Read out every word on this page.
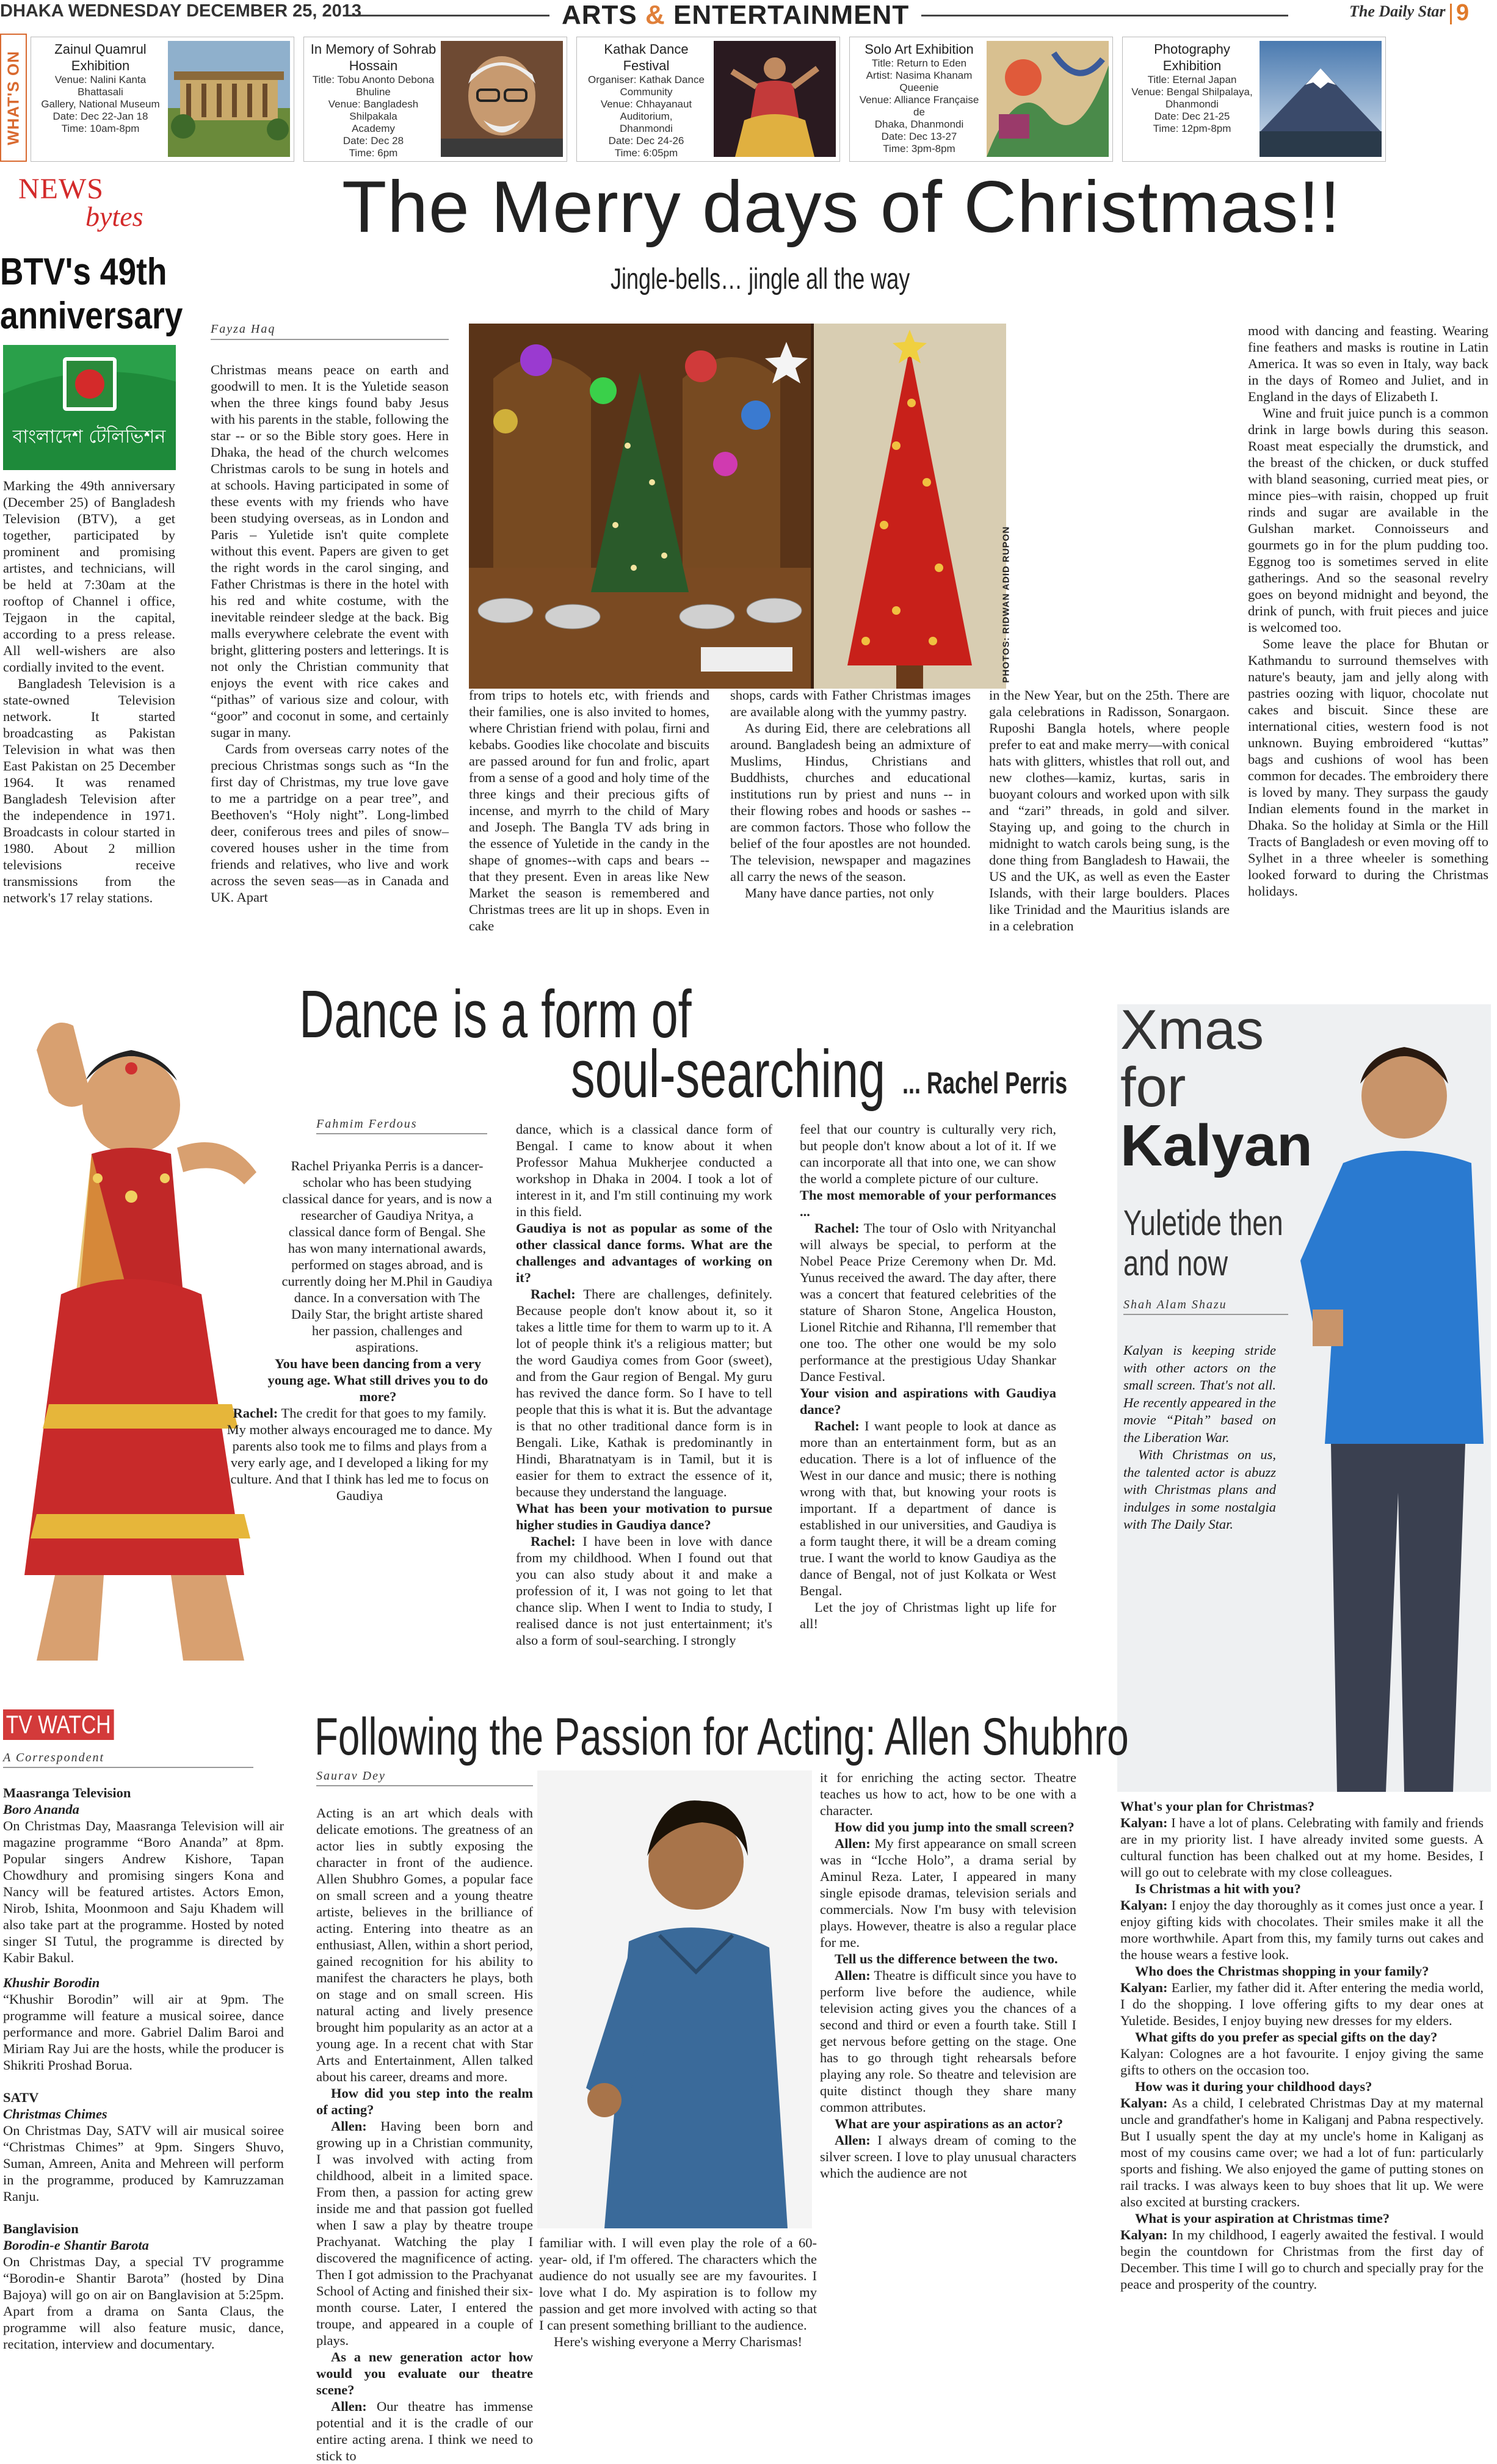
DHAKA WEDNESDAY DECEMBER 25, 2013	ARTS & ENTERTAINMENT	The Daily Star 9
WHAT'S ON
Zainul Quamrul Exhibition
Venue: Nalini Kanta Bhattasali
Gallery, National Museum
Date: Dec 22-Jan 18
Time: 10am-8pm
In Memory of Sohrab Hossain
Title: Tobu Anonto Debona Bhuline
Venue: Bangladesh Shilpakala
Academy
Date: Dec 28
Time: 6pm
Kathak Dance Festival
Organiser: Kathak Dance
Community
Venue: Chhayanaut Auditorium,
Dhanmondi
Date: Dec 24-26
Time: 6:05pm
Solo Art Exhibition
Title: Return to Eden
Artist: Nasima Khanam Queenie
Venue: Alliance Française de
Dhaka, Dhanmondi
Date: Dec 13-27
Time: 3pm-8pm
Photography Exhibition
Title: Eternal Japan
Venue: Bengal Shilpalaya,
Dhanmondi
Date: Dec 21-25
Time: 12pm-8pm
NEWS
bytes
BTV's 49th anniversary
বাংলাদেশ টেলিভিশন

Marking the 49th anniversary (December 25) of Bangladesh Television (BTV), a get together, participated by prominent and promising artistes, and technicians, will be held at 7:30am at the rooftop of Channel i office, Tejgaon in the capital, according to a press release. All well-wishers are also cordially invited to the event.

Bangladesh Television is a state-owned Television network. It started broadcasting as Pakistan Television in what was then East Pakistan on 25 December 1964. It was renamed Bangladesh Television after the independence in 1971. Broadcasts in colour started in 1980. About 2 million televisions receive transmissions from the network's 17 relay stations.

The Merry days of Christmas!!
Jingle-bells… jingle all the way
Fayza Haq

Christmas means peace on earth and goodwill to men. It is the Yuletide season when the three kings found baby Jesus with his parents in the stable, following the star -- or so the Bible story goes. Here in Dhaka, the head of the church welcomes Christmas carols to be sung in hotels and at schools. Having participated in some of these events with my friends who have been studying overseas, as in London and Paris – Yuletide isn't quite complete without this event. Papers are given to get the right words in the carol singing, and Father Christmas is there in the hotel with his red and white costume, with the inevitable reindeer sledge at the back. Big malls everywhere celebrate the event with bright, glittering posters and letterings. It is not only the Christian community that enjoys the event with rice cakes and “pithas” of various size and colour, with “goor” and coconut in some, and certainly sugar in many.

Cards from overseas carry notes of the precious Christmas songs such as “In the first day of Christmas, my true love gave to me a partridge on a pear tree”, and Beethoven's “Holy night”. Long-limbed deer, coniferous trees and piles of snow–covered houses usher in the time from friends and relatives, who live and work across the seven seas—as in Canada and UK. Apart

PHOTOS: RIDWAN ADID RUPON

from trips to hotels etc, with friends and their families, one is also invited to homes, where Christian friend with polau, firni and kebabs. Goodies like chocolate and biscuits are passed around for fun and frolic, apart from a sense of a good and holy time of the three kings and their precious gifts of incense, and myrrh to the child of Mary and Joseph. The Bangla TV ads bring in the essence of Yuletide in the candy in the shape of gnomes--with caps and bears -- that they present. Even in areas like New Market the season is remembered and Christmas trees are lit up in shops. Even in cake

shops, cards with Father Christmas images are available along with the yummy pastry.

As during Eid, there are celebrations all around. Bangladesh being an admixture of Muslims, Hindus, Christians and Buddhists, churches and educational institutions run by priest and nuns -- in their flowing robes and hoods or sashes -- are common factors. Those who follow the belief of the four apostles are not hounded. The television, newspaper and magazines all carry the news of the season.

Many have dance parties, not only

in the New Year, but on the 25th. There are gala celebrations in Radisson, Sonargaon. Ruposhi Bangla hotels, where people prefer to eat and make merry—with conical hats with glitters, whistles that roll out, and new clothes—kamiz, kurtas, saris in buoyant colours and worked upon with silk and “zari” threads, in gold and silver. Staying up, and going to the church in midnight to watch carols being sung, is the done thing from Bangladesh to Hawaii, the US and the UK, as well as even the Easter Islands, with their large boulders. Places like Trinidad and the Mauritius islands are in a celebration

mood with dancing and feasting. Wearing fine feathers and masks is routine in Latin America. It was so even in Italy, way back in the days of Romeo and Juliet, and in England in the days of Elizabeth I.

Wine and fruit juice punch is a common drink in large bowls during this season. Roast meat especially the drumstick, and the breast of the chicken, or duck stuffed with bland seasoning, curried meat pies, or mince pies–with raisin, chopped up fruit rinds and sugar are available in the Gulshan market. Connoisseurs and gourmets go in for the plum pudding too. Eggnog too is sometimes served in elite gatherings. And so the seasonal revelry goes on beyond midnight and beyond, the drink of punch, with fruit pieces and juice is welcomed too.

Some leave the place for Bhutan or Kathmandu to surround themselves with nature's beauty, jam and jelly along with pastries oozing with liquor, chocolate nut cakes and biscuit. Since these are international cities, western food is not unknown. Buying embroidered “kuttas” bags and cushions of wool has been common for decades. The embroidery there is loved by many. They surpass the gaudy Indian elements found in the market in Dhaka. So the holiday at Simla or the Hill Tracts of Bangladesh or even moving off to Sylhet in a three wheeler is something looked forward to during the Christmas holidays.

Dance is a form of
soul-searching ... Rachel Perris
Fahmim Ferdous

Rachel Priyanka Perris is a dancer-scholar who has been studying classical dance for years, and is now a researcher of Gaudiya Nritya, a classical dance form of Bengal. She has won many international awards, performed on stages abroad, and is currently doing her M.Phil in Gaudiya dance. In a conversation with The Daily Star, the bright artiste shared her passion, challenges and aspirations.

You have been dancing from a very young age. What still drives you to do more?

Rachel: The credit for that goes to my family. My mother always encouraged me to dance. My parents also took me to films and plays from a very early age, and I developed a liking for my culture. And that I think has led me to focus on Gaudiya

dance, which is a classical dance form of Bengal. I came to know about it when Professor Mahua Mukherjee conducted a workshop in Dhaka in 2004. I took a lot of interest in it, and I'm still continuing my work in this field.

Gaudiya is not as popular as some of the other classical dance forms. What are the challenges and advantages of working on it?

Rachel: There are challenges, definitely. Because people don't know about it, so it takes a little time for them to warm up to it. A lot of people think it's a religious matter; but the word Gaudiya comes from Goor (sweet), and from the Gaur region of Bengal. My guru has revived the dance form. So I have to tell people that this is what it is. But the advantage is that no other traditional dance form is in Bengali. Like, Kathak is predominantly in Hindi, Bharatnatyam is in Tamil, but it is easier for them to extract the essence of it, because they understand the language.

What has been your motivation to pursue higher studies in Gaudiya dance?

Rachel: I have been in love with dance from my childhood. When I found out that you can also study about it and make a profession of it, I was not going to let that chance slip. When I went to India to study, I realised dance is not just entertainment; it's also a form of soul-searching. I strongly

feel that our country is culturally very rich, but people don't know about a lot of it. If we can incorporate all that into one, we can show the world a complete picture of our culture.

The most memorable of your performances ...

Rachel: The tour of Oslo with Nrityanchal will always be special, to perform at the Nobel Peace Prize Ceremony when Dr. Md. Yunus received the award. The day after, there was a concert that featured celebrities of the stature of Sharon Stone, Angelica Houston, Lionel Ritchie and Rihanna, I'll remember that one too. The other one would be my solo performance at the prestigious Uday Shankar Dance Festival.

Your vision and aspirations with Gaudiya dance?

Rachel: I want people to look at dance as more than an entertainment form, but as an education. There is a lot of influence of the West in our dance and music; there is nothing wrong with that, but knowing your roots is important. If a department of dance is established in our universities, and Gaudiya is a form taught there, it will be a dream coming true. I want the world to know Gaudiya as the dance of Bengal, not of just Kolkata or West Bengal.

Let the joy of Christmas light up life for all!

Xmas
for
Kalyan
Yuletide then
and now
Shah Alam Shazu

Kalyan is keeping stride with other actors on the small screen. That's not all. He recently appeared in the movie “Pitah” based on the Liberation War.

With Christmas on us, the talented actor is abuzz with Christmas plans and indulges in some nostalgia with The Daily Star.

What's your plan for Christmas?

Kalyan: I have a lot of plans. Celebrating with family and friends are in my priority list. I have already invited some guests. A cultural function has been chalked out at my home. Besides, I will go out to celebrate with my close colleagues.

Is Christmas a hit with you?

Kalyan: I enjoy the day thoroughly as it comes just once a year. I enjoy gifting kids with chocolates. Their smiles make it all the more worthwhile. Apart from this, my family turns out cakes and the house wears a festive look.

Who does the Christmas shopping in your family?

Kalyan: Earlier, my father did it. After entering the media world, I do the shopping. I love offering gifts to my dear ones at Yuletide. Besides, I enjoy buying new dresses for my elders.

What gifts do you prefer as special gifts on the day?

Kalyan: Colognes are a hot favourite. I enjoy giving the same gifts to others on the occasion too.

How was it during your childhood days?

Kalyan: As a child, I celebrated Christmas Day at my maternal uncle and grandfather's home in Kaliganj and Pabna respectively. But I usually spent the day at my uncle's home in Kaliganj as most of my cousins came over; we had a lot of fun: particularly sports and fishing. We also enjoyed the game of putting stones on rail tracks. I was always keen to buy shoes that lit up. We were also excited at bursting crackers.

What is your aspiration at Christmas time?

Kalyan: In my childhood, I eagerly awaited the festival. I would begin the countdown for Christmas from the first day of December. This time I will go to church and specially pray for the peace and prosperity of the country.

TV WATCH
A Correspondent

Maasranga Television

Boro Ananda

On Christmas Day, Maasranga Television will air magazine programme “Boro Ananda” at 8pm. Popular singers Andrew Kishore, Tapan Chowdhury and promising singers Kona and Nancy will be featured artistes. Actors Emon, Nirob, Ishita, Moonmoon and Saju Khadem will also take part at the programme. Hosted by noted singer SI Tutul, the programme is directed by Kabir Bakul.

Khushir Borodin

“Khushir Borodin” will air at 9pm. The programme will feature a musical soiree, dance performance and more. Gabriel Dalim Baroi and Miriam Ray Jui are the hosts, while the producer is Shikriti Proshad Borua.

SATV

Christmas Chimes

On Christmas Day, SATV will air musical soiree “Christmas Chimes” at 9pm. Singers Shuvo, Suman, Amreen, Anita and Mehreen will perform in the programme, produced by Kamruzzaman Ranju.

Banglavision

Borodin-e Shantir Barota

On Christmas Day, a special TV programme “Borodin-e Shantir Barota” (hosted by Dina Bajoya) will go on air on Banglavision at 5:25pm. Apart from a drama on Santa Claus, the programme will also feature music, dance, recitation, interview and documentary.

Following the Passion for Acting: Allen Shubhro
Saurav Dey

Acting is an art which deals with delicate emotions. The greatness of an actor lies in subtly exposing the character in front of the audience. Allen Shubhro Gomes, a popular face on small screen and a young theatre artiste, believes in the brilliance of acting. Entering into theatre as an enthusiast, Allen, within a short period, gained recognition for his ability to manifest the characters he plays, both on stage and on small screen. His natural acting and lively presence brought him popularity as an actor at a young age. In a recent chat with Star Arts and Entertainment, Allen talked about his career, dreams and more.

How did you step into the realm of acting?

Allen: Having been born and growing up in a Christian community, I was involved with acting from childhood, albeit in a limited space. From then, a passion for acting grew inside me and that passion got fuelled when I saw a play by theatre troupe Prachyanat. Watching the play I discovered the magnificence of acting. Then I got admission to the Prachyanat School of Acting and finished their six-month course. Later, I entered the troupe, and appeared in a couple of plays.

As a new generation actor how would you evaluate our theatre scene?

Allen: Our theatre has immense potential and it is the cradle of our entire acting arena. I think we need to stick to

familiar with. I will even play the role of a 60-year- old, if I'm offered. The characters which the audience do not usually see are my favourites. I love what I do. My aspiration is to follow my passion and get more involved with acting so that I can present something brilliant to the audience.

Here's wishing everyone a Merry Charismas!

it for enriching the acting sector. Theatre teaches us how to act, how to be one with a character.

How did you jump into the small screen?

Allen: My first appearance on small screen was in “Icche Holo”, a drama serial by Aminul Reza. Later, I appeared in many single episode dramas, television serials and commercials. Now I'm busy with television plays. However, theatre is also a regular place for me.

Tell us the difference between the two.

Allen: Theatre is difficult since you have to perform live before the audience, while television acting gives you the chances of a second and third or even a fourth take. Still I get nervous before getting on the stage. One has to go through tight rehearsals before playing any role. So theatre and television are quite distinct though they share many common attributes.

What are your aspirations as an actor?

Allen: I always dream of coming to the silver screen. I love to play unusual characters which the audience are not
